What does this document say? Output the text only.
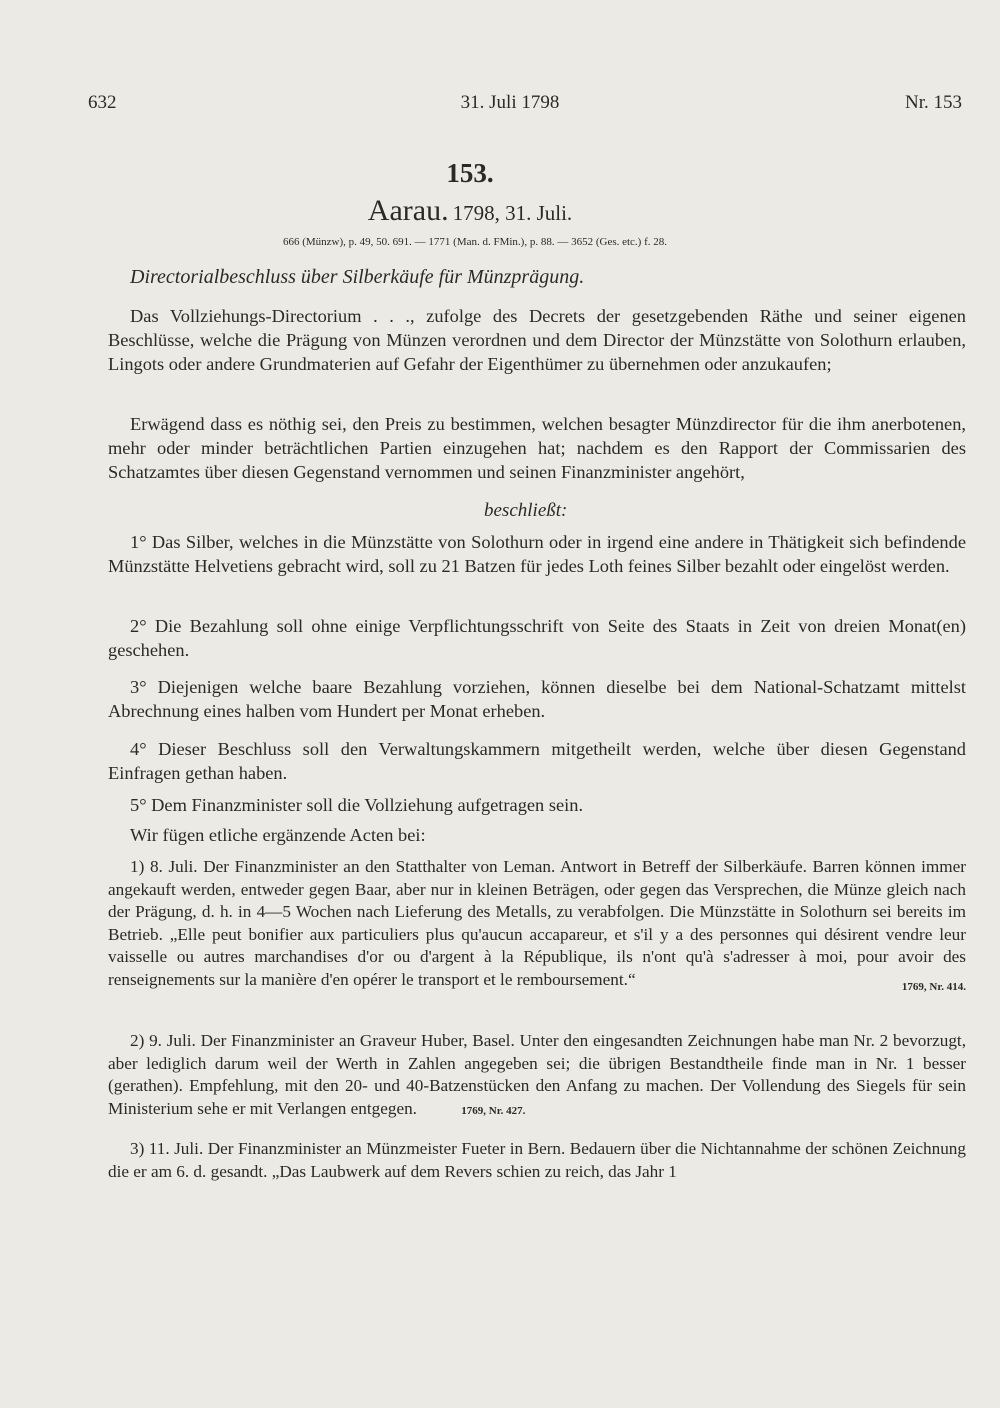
632	31. Juli 1798	Nr. 153
153.
Aarau. 1798, 31. Juli.
666 (Münzw), p. 49, 50. 691. — 1771 (Man. d. FMin.), p. 88. — 3652 (Ges. etc.) f. 28.
Directorialbeschluss über Silberkäufe für Münzprägung.
Das Vollziehungs-Directorium . . ., zufolge des Decrets der gesetzgebenden Räthe und seiner eigenen Beschlüsse, welche die Prägung von Münzen verordnen und dem Director der Münzstätte von Solothurn erlauben, Lingots oder andere Grundmaterien auf Gefahr der Eigenthümer zu übernehmen oder anzukaufen;
Erwägend dass es nöthig sei, den Preis zu bestimmen, welchen besagter Münzdirector für die ihm anerbotenen, mehr oder minder beträchtlichen Partien einzugehen hat; nachdem es den Rapport der Commissarien des Schatzamtes über diesen Gegenstand vernommen und seinen Finanzminister angehört,
beschließt:
1° Das Silber, welches in die Münzstätte von Solothurn oder in irgend eine andere in Thätigkeit sich befindende Münzstätte Helvetiens gebracht wird, soll zu 21 Batzen für jedes Loth feines Silber bezahlt oder eingelöst werden.
2° Die Bezahlung soll ohne einige Verpflichtungsschrift von Seite des Staats in Zeit von dreien Monat(en) geschehen.
3° Diejenigen welche baare Bezahlung vorziehen, können dieselbe bei dem National-Schatzamt mittelst Abrechnung eines halben vom Hundert per Monat erheben.
4° Dieser Beschluss soll den Verwaltungskammern mitgetheilt werden, welche über diesen Gegenstand Einfragen gethan haben.
5° Dem Finanzminister soll die Vollziehung aufgetragen sein.
Wir fügen etliche ergänzende Acten bei:
1) 8. Juli. Der Finanzminister an den Statthalter von Leman. Antwort in Betreff der Silberkäufe. Barren können immer angekauft werden, entweder gegen Baar, aber nur in kleinen Beträgen, oder gegen das Versprechen, die Münze gleich nach der Prägung, d. h. in 4—5 Wochen nach Lieferung des Metalls, zu verabfolgen. Die Münzstätte in Solothurn sei bereits im Betrieb. „Elle peut bonifier aux particuliers plus qu'aucun accapareur, et s'il y a des personnes qui désirent vendre leur vaisselle ou autres marchandises d'or ou d'argent à la République, ils n'ont qu'à s'adresser à moi, pour avoir des renseignements sur la manière d'en opérer le transport et le remboursement.“	1769, Nr. 414.
2) 9. Juli. Der Finanzminister an Graveur Huber, Basel. Unter den eingesandten Zeichnungen habe man Nr. 2 bevorzugt, aber lediglich darum weil der Werth in Zahlen angegeben sei; die übrigen Bestandtheile finde man in Nr. 1 besser (gerathen). Empfehlung, mit den 20- und 40-Batzenstücken den Anfang zu machen. Der Vollendung des Siegels für sein Ministerium sehe er mit Verlangen entgegen.	1769, Nr. 427.
3) 11. Juli. Der Finanzminister an Münzmeister Fueter in Bern. Bedauern über die Nichtannahme der schönen Zeichnung die er am 6. d. gesandt. „Das Laubwerk auf dem Revers schien zu reich, das Jahr 1
